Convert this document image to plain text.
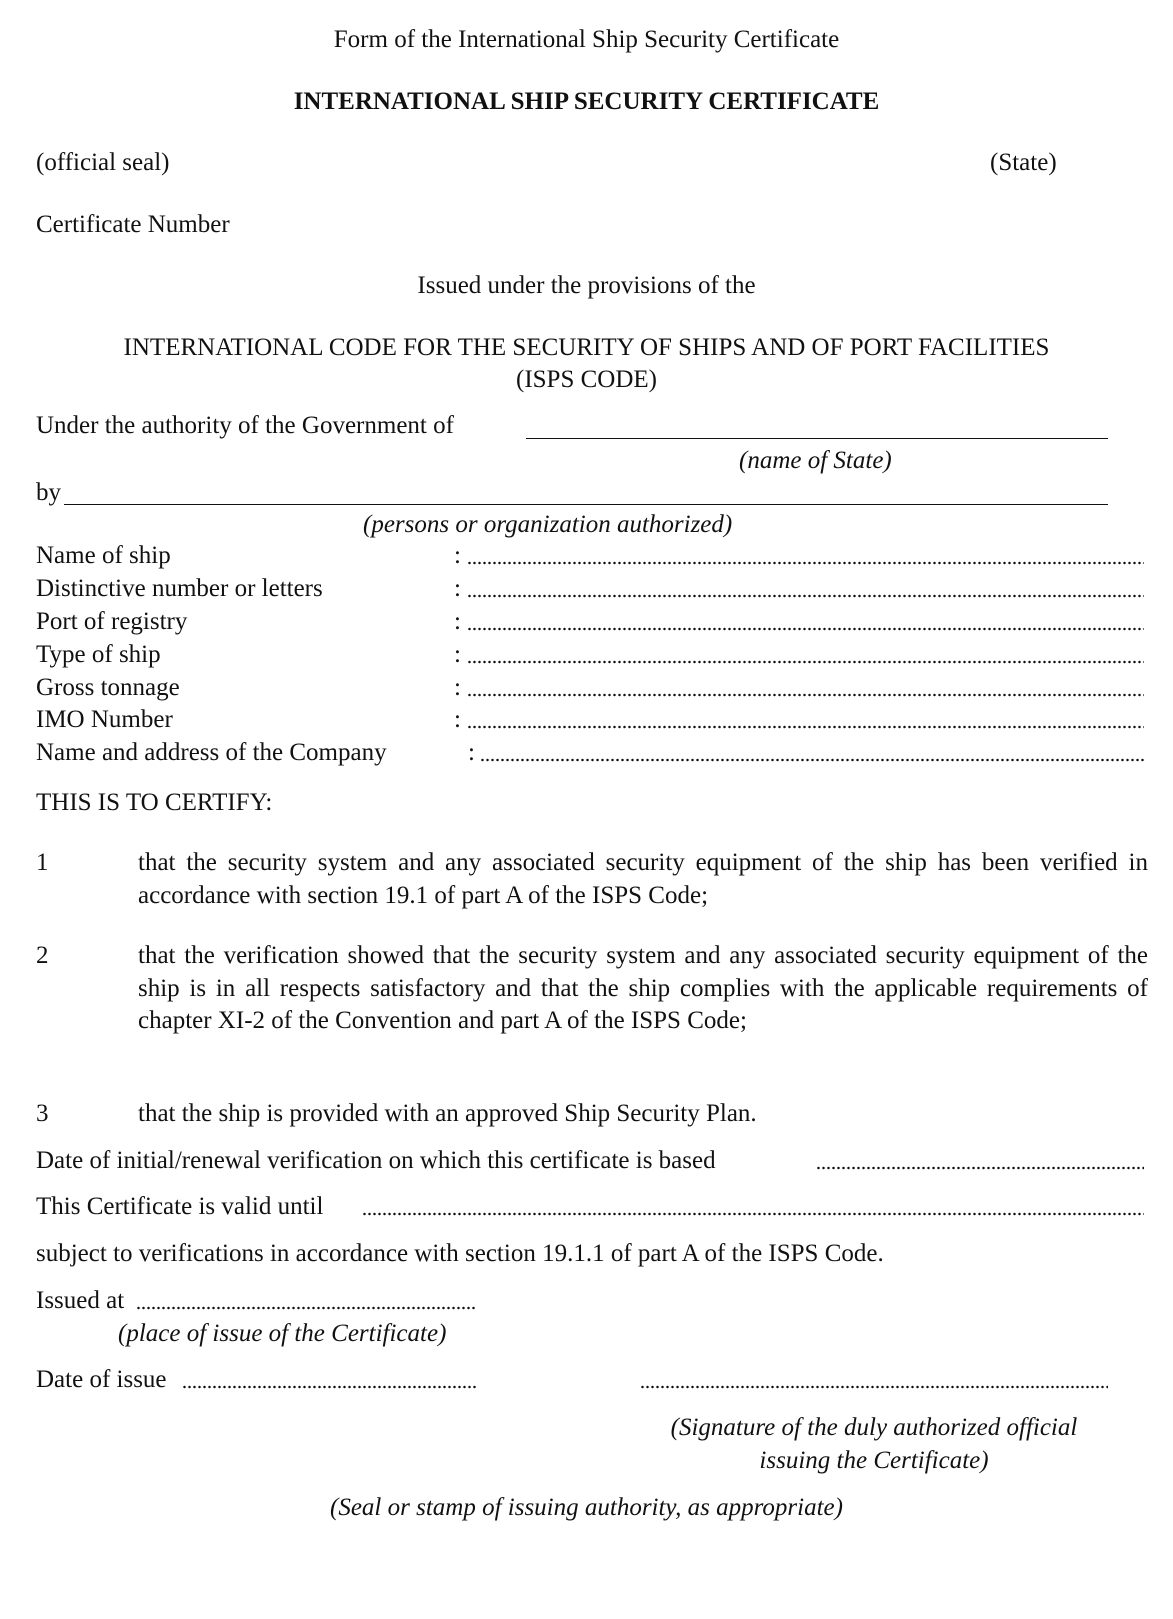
Form of the International Ship Security Certificate
INTERNATIONAL SHIP SECURITY CERTIFICATE
(official seal)	(State)
Certificate Number
Issued under the provisions of the
INTERNATIONAL CODE FOR THE SECURITY OF SHIPS AND OF PORT FACILITIES
(ISPS CODE)
Under the authority of the Government of
(name of State)
by
(persons or organization authorized)
Name of ship	:
Distinctive number or letters	:
Port of registry	:
Type of ship	:
Gross tonnage	:
IMO Number	:
Name and address of the Company	:
THIS IS TO CERTIFY:
1	that the security system and any associated security equipment of the ship has been verified in accordance with section 19.1 of part A of the ISPS Code;
2	that the verification showed that the security system and any associated security equipment of the ship is in all respects satisfactory and that the ship complies with the applicable requirements of chapter XI-2 of the Convention and part A of the ISPS Code;
3	that the ship is provided with an approved Ship Security Plan.
Date of initial/renewal verification on which this certificate is based
This Certificate is valid until
subject to verifications in accordance with section 19.1.1 of part A of the ISPS Code.
Issued at
(place of issue of the Certificate)
Date of issue
(Signature of the duly authorized official
issuing the Certificate)
(Seal or stamp of issuing authority, as appropriate)
